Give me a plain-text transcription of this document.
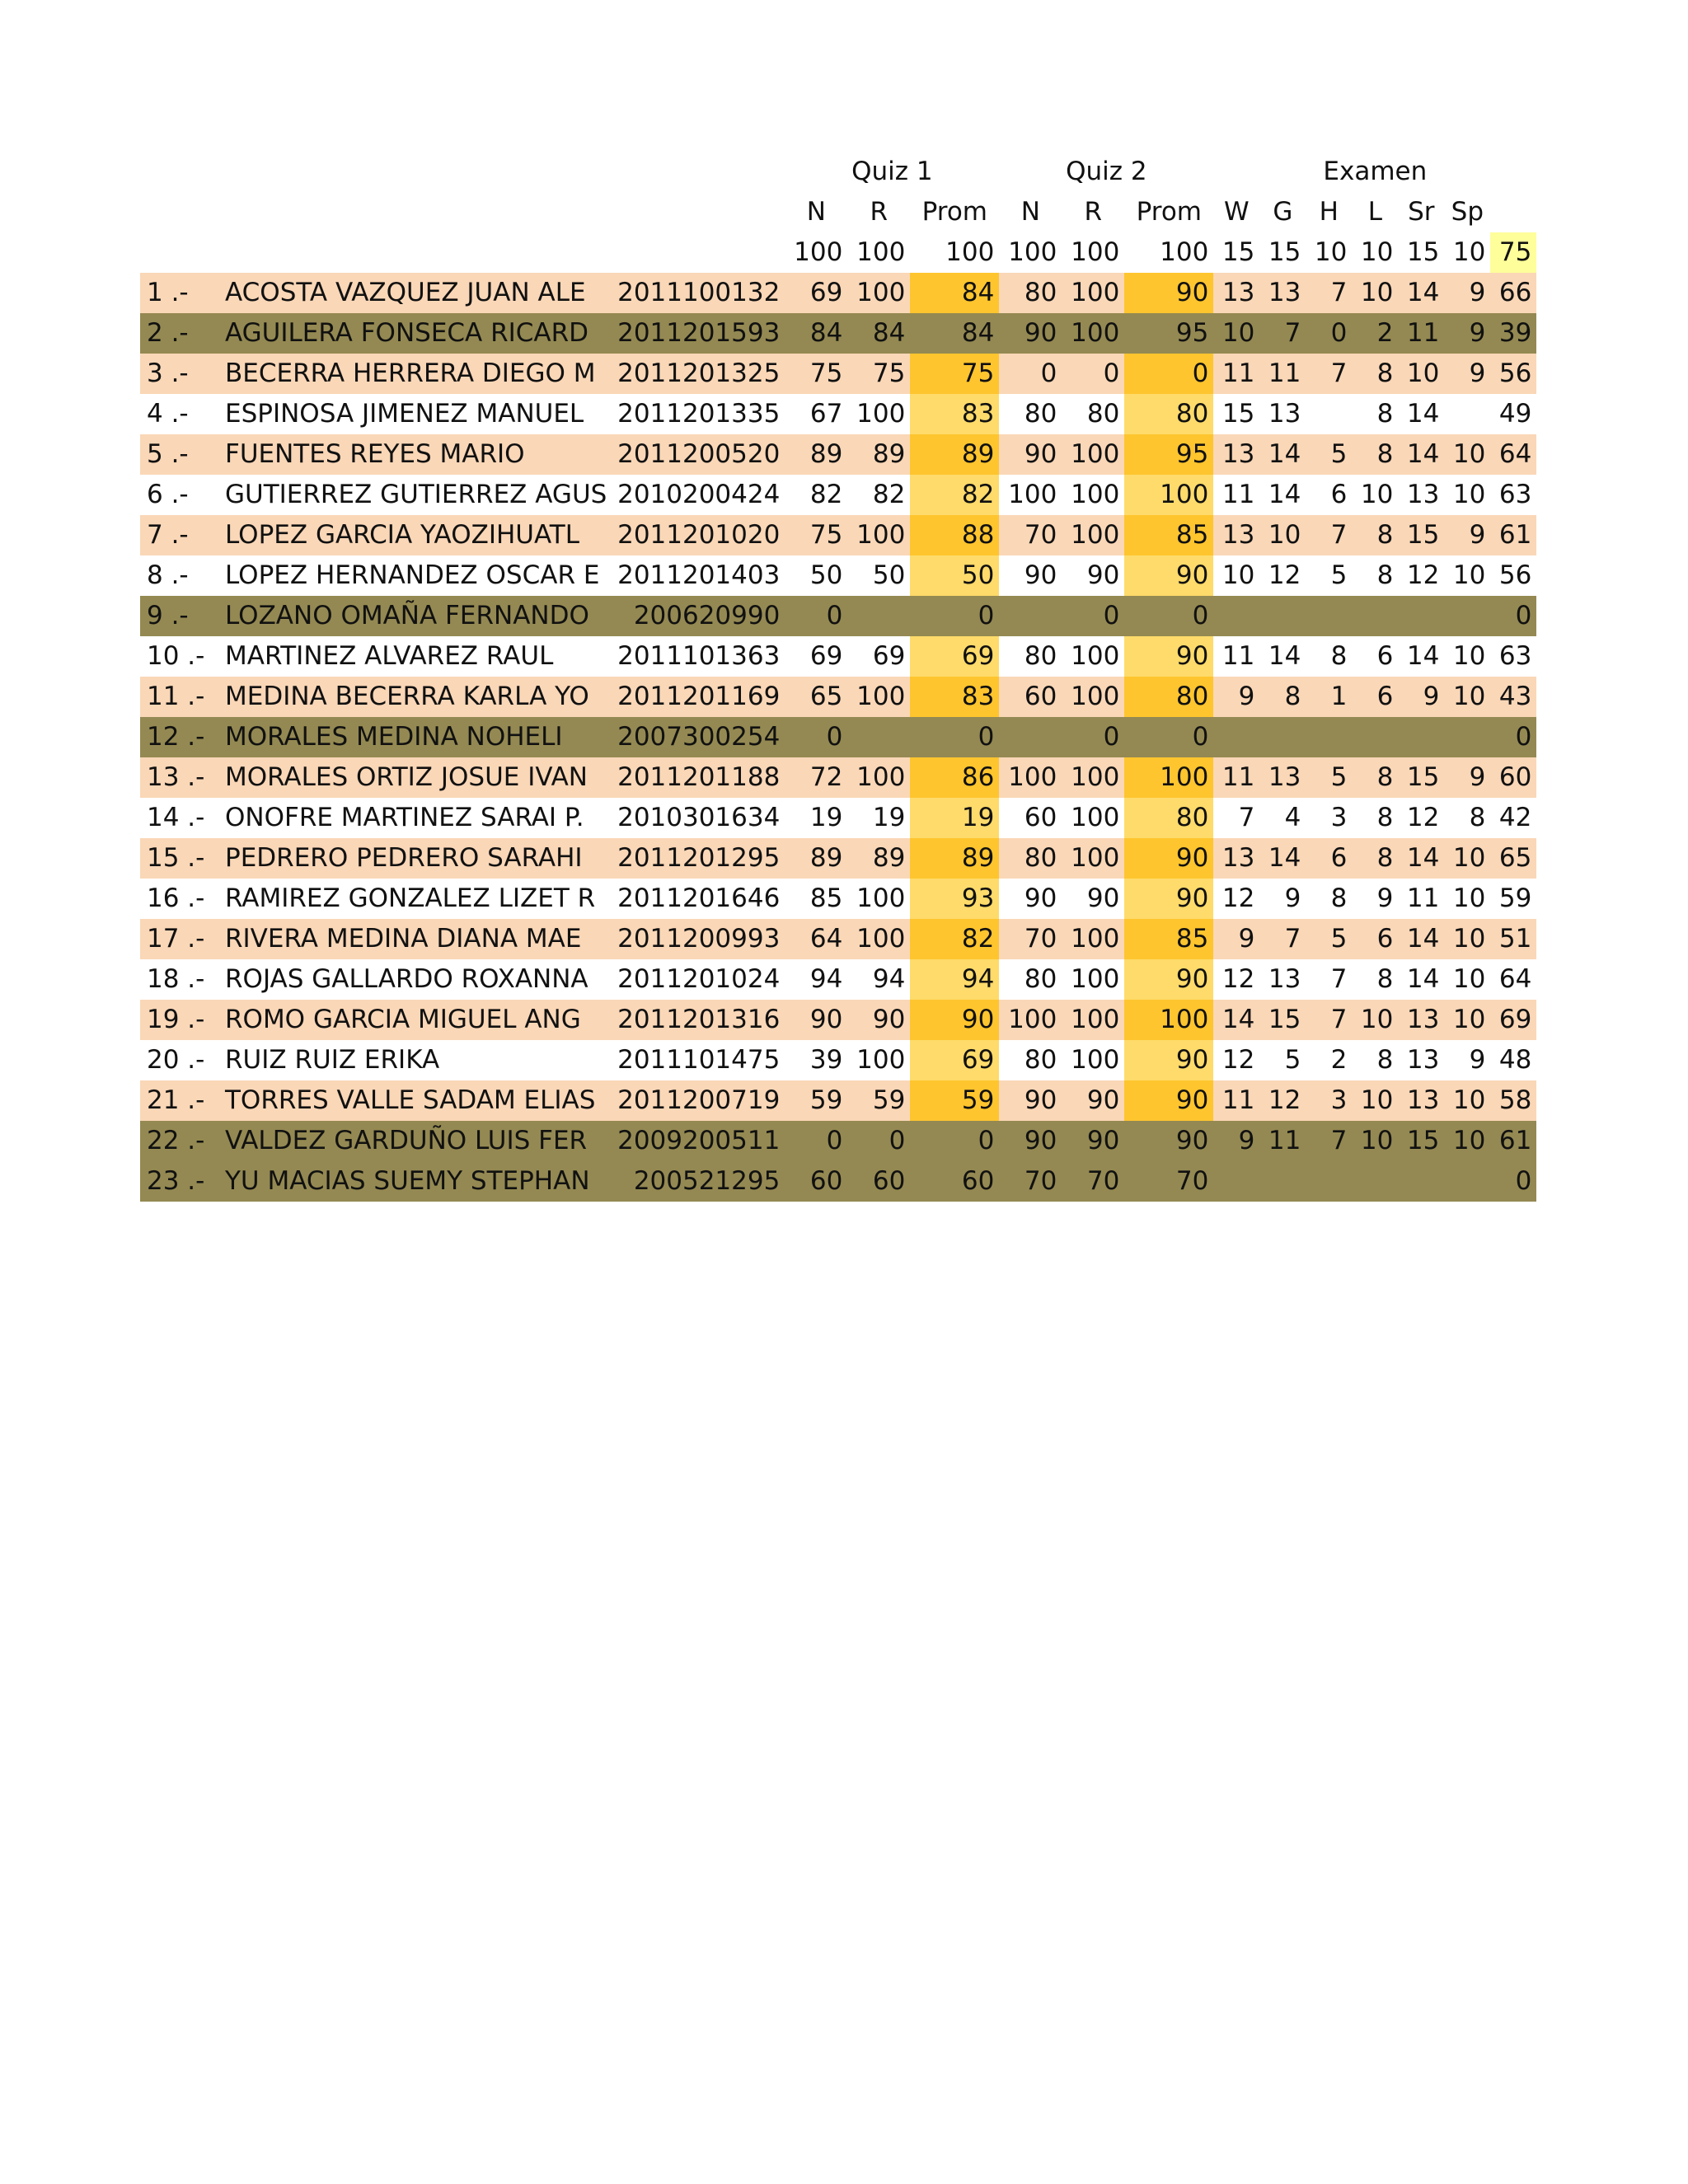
			Quiz 1			Quiz 2			Examen						
			N	R	Prom	N	R	Prom	W	G	H	L	Sr	Sp	
			100	100	100	100	100	100	15	15	10	10	15	10	75
1 .-	ACOSTA VAZQUEZ JUAN ALE	2011100132	69	100	84	80	100	90	13	13	7	10	14	9	66
2 .-	AGUILERA FONSECA RICARD	2011201593	84	84	84	90	100	95	10	7	0	2	11	9	39
3 .-	BECERRA HERRERA DIEGO M	2011201325	75	75	75	0	0	0	11	11	7	8	10	9	56
4 .-	ESPINOSA JIMENEZ MANUEL	2011201335	67	100	83	80	80	80	15	13		8	14		49
5 .-	FUENTES REYES MARIO	2011200520	89	89	89	90	100	95	13	14	5	8	14	10	64
6 .-	GUTIERREZ GUTIERREZ AGUS	2010200424	82	82	82	100	100	100	11	14	6	10	13	10	63
7 .-	LOPEZ GARCIA YAOZIHUATL	2011201020	75	100	88	70	100	85	13	10	7	8	15	9	61
8 .-	LOPEZ HERNANDEZ OSCAR E	2011201403	50	50	50	90	90	90	10	12	5	8	12	10	56
9 .-	LOZANO OMAÑA FERNANDO	200620990	0		0		0	0							0
10 .-	MARTINEZ ALVAREZ RAUL	2011101363	69	69	69	80	100	90	11	14	8	6	14	10	63
11 .-	MEDINA BECERRA KARLA YO	2011201169	65	100	83	60	100	80	9	8	1	6	9	10	43
12 .-	MORALES MEDINA NOHELI	2007300254	0		0		0	0							0
13 .-	MORALES ORTIZ JOSUE IVAN	2011201188	72	100	86	100	100	100	11	13	5	8	15	9	60
14 .-	ONOFRE MARTINEZ SARAI P.	2010301634	19	19	19	60	100	80	7	4	3	8	12	8	42
15 .-	PEDRERO PEDRERO SARAHI	2011201295	89	89	89	80	100	90	13	14	6	8	14	10	65
16 .-	RAMIREZ GONZALEZ LIZET R	2011201646	85	100	93	90	90	90	12	9	8	9	11	10	59
17 .-	RIVERA MEDINA DIANA MAE	2011200993	64	100	82	70	100	85	9	7	5	6	14	10	51
18 .-	ROJAS GALLARDO ROXANNA	2011201024	94	94	94	80	100	90	12	13	7	8	14	10	64
19 .-	ROMO GARCIA MIGUEL ANG	2011201316	90	90	90	100	100	100	14	15	7	10	13	10	69
20 .-	RUIZ RUIZ ERIKA	2011101475	39	100	69	80	100	90	12	5	2	8	13	9	48
21 .-	TORRES VALLE SADAM ELIAS	2011200719	59	59	59	90	90	90	11	12	3	10	13	10	58
22 .-	VALDEZ GARDUÑO LUIS FER	2009200511	0	0	0	90	90	90	9	11	7	10	15	10	61
23 .-	YU MACIAS SUEMY STEPHAN	200521295	60	60	60	70	70	70							0
